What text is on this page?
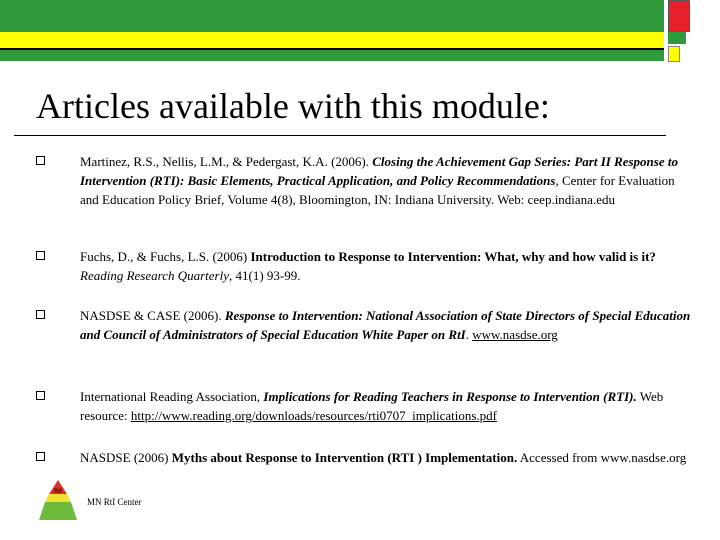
Articles available with this module:
Martinez, R.S., Nellis, L.M., & Pedergast, K.A. (2006). Closing the Achievement Gap Series: Part II Response to Intervention (RTI): Basic Elements, Practical Application, and Policy Recommendations, Center for Evaluation and Education Policy Brief, Volume 4(8), Bloomington, IN: Indiana University. Web: ceep.indiana.edu
Fuchs, D., & Fuchs, L.S. (2006) Introduction to Response to Intervention: What, why and how valid is it? Reading Research Quarterly, 41(1) 93-99.
NASDSE & CASE (2006). Response to Intervention: National Association of State Directors of Special Education and Council of Administrators of Special Education White Paper on RtI. www.nasdse.org
International Reading Association, Implications for Reading Teachers in Response to Intervention (RTI). Web resource: http://www.reading.org/downloads/resources/rti0707_implications.pdf
NASDSE (2006) Myths about Response to Intervention (RTI ) Implementation. Accessed from www.nasdse.org
RtI
MN RtI Center
